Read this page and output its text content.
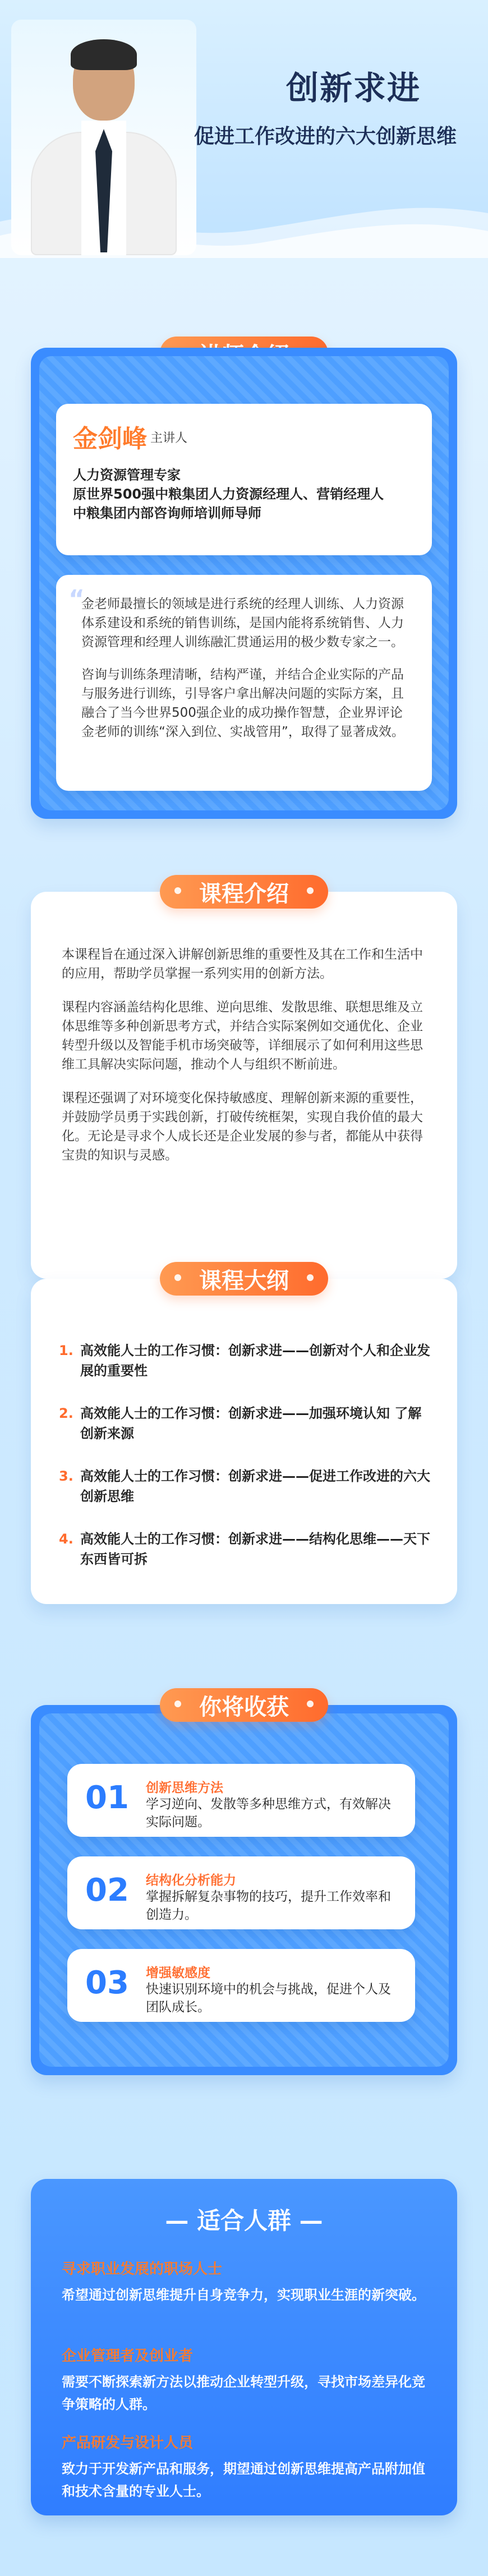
创新求进
促进工作改进的六大创新思维
金剑峰 主讲人
人力资源管理专家
原世界500强中粮集团人力资源经理人、营销经理人
中粮集团内部咨询师培训师导师
“
金老师最擅长的领域是进行系统的经理人训练、人力资源体系建设和系统的销售训练，是国内能将系统销售、人力资源管理和经理人训练融汇贯通运用的极少数专家之一。
咨询与训练条理清晰，结构严谨，并结合企业实际的产品与服务进行训练，引导客户拿出解决问题的实际方案，且融合了当今世界500强企业的成功操作智慧，企业界评论金老师的训练“深入到位、实战管用”，取得了显著成效。
本课程旨在通过深入讲解创新思维的重要性及其在工作和生活中的应用，帮助学员掌握一系列实用的创新方法。
课程内容涵盖结构化思维、逆向思维、发散思维、联想思维及立体思维等多种创新思考方式，并结合实际案例如交通优化、企业转型升级以及智能手机市场突破等，详细展示了如何利用这些思维工具解决实际问题，推动个人与组织不断前进。
课程还强调了对环境变化保持敏感度、理解创新来源的重要性，并鼓励学员勇于实践创新，打破传统框架，实现自我价值的最大化。无论是寻求个人成长还是企业发展的参与者，都能从中获得宝贵的知识与灵感。
课程介绍
1. 高效能人士的工作习惯：创新求进——创新对个人和企业发展的重要性
2. 高效能人士的工作习惯：创新求进——加强环境认知 了解创新来源
3. 高效能人士的工作习惯：创新求进——促进工作改进的六大创新思维
4. 高效能人士的工作习惯：创新求进——结构化思维——天下东西皆可拆
课程大纲
01 创新思维方法
学习逆向、发散等多种思维方式，有效解决实际问题。
02 结构化分析能力
掌握拆解复杂事物的技巧，提升工作效率和创造力。
03 增强敏感度
快速识别环境中的机会与挑战，促进个人及团队成长。
你将收获
— 适合人群 —
寻求职业发展的职场人士
希望通过创新思维提升自身竞争力，实现职业生涯的新突破。
企业管理者及创业者
需要不断探索新方法以推动企业转型升级，寻找市场差异化竞争策略的人群。
产品研发与设计人员
致力于开发新产品和服务，期望通过创新思维提高产品附加值和技术含量的专业人士。
